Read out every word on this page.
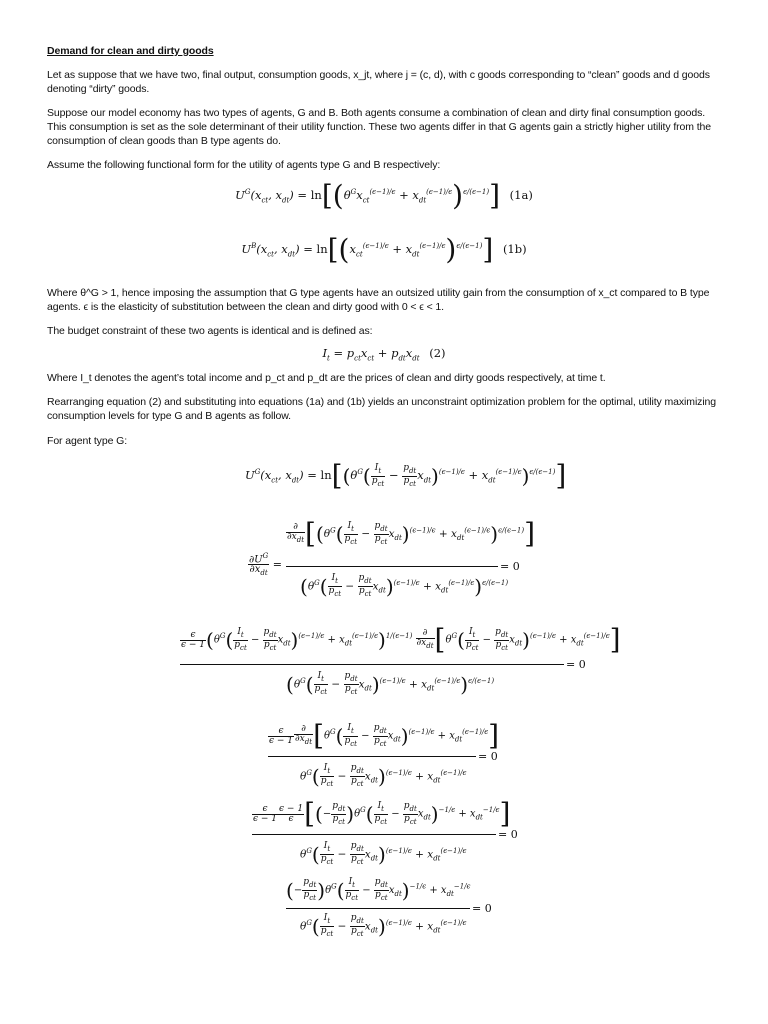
Demand for clean and dirty goods
Let as suppose that we have two, final output, consumption goods, x_jt, where j = (c, d), with c goods corresponding to “clean” goods and d goods denoting “dirty” goods.
Suppose our model economy has two types of agents, G and B. Both agents consume a combination of clean and dirty final consumption goods. This consumption is set as the sole determinant of their utility function. These two agents differ in that G agents gain a strictly higher utility from the consumption of clean goods than B type agents do.
Assume the following functional form for the utility of agents type G and B respectively:
$U^G(x_{ct}$, $x_{dt}) = \ln[(\theta^Gx_{ct}^{(\epsilon-1)/\epsilon} + x_{dt}^{(\epsilon-1)/\epsilon})^{\epsilon/(\epsilon-1)}]$ (1a)
$U^B(x_{ct}$, $x_{dt}) = \ln[(x_{ct}^{(\epsilon-1)/\epsilon} + x_{dt}^{(\epsilon-1)/\epsilon})^{\epsilon/(\epsilon-1)}]$ (1b)
Where θ^G > 1, hence imposing the assumption that G type agents have an outsized utility gain from the consumption of x_ct compared to B type agents. ϵ is the elasticity of substitution between the clean and dirty good with 0 < ϵ < 1.
The budget constraint of these two agents is identical and is defined as:
$I_t = p_{ct}x_{ct} + p_{dt}x_{dt}$ (2)
Where I_t denotes the agent’s total income and p_ct and p_dt are the prices of clean and dirty goods respectively, at time t.
Rearranging equation (2) and substituting into equations (1a) and (1b) yields an unconstraint optimization problem for the optimal, utility maximizing consumption levels for type G and B agents as follow.
For agent type G:
$U^G(x_{ct}$, $x_{dt}) = \ln[(\theta^G( \frac{I_t}{p_{ct}} - \frac{p_{dt}}{p_{ct}} x_{dt})^{(\epsilon-1)/\epsilon} + x_{dt}^{(\epsilon-1)/\epsilon})^{\epsilon/(\epsilon-1)}]$
$\frac{\partial U^G}{\partial x_{dt}}$ =
$\frac{\partial}{\partial x_{dt}} [(\theta^G( \frac{I_t}{p_{ct}} - \frac{p_{dt}}{p_{ct}} x_{dt})^{(\epsilon-1)/\epsilon} + x_{dt}^{(\epsilon-1)/\epsilon})^{\epsilon/(\epsilon-1)}]$
= 0
$(\theta^G( \frac{I_t}{p_{ct}} - \frac{p_{dt}}{p_{ct}} x_{dt})^{(\epsilon-1)/\epsilon} + x_{dt}^{(\epsilon-1)/\epsilon})^{\epsilon/(\epsilon-1)}$
$\frac{\epsilon}{\epsilon - 1} (\theta^G( \frac{I_t}{p_{ct}} - \frac{p_{dt}}{p_{ct}} x_{dt})^{(\epsilon-1)/\epsilon} + x_{dt}^{(\epsilon-1)/\epsilon})^{1/(\epsilon-1)} \frac{\partial}{\partial x_{dt}} [\theta^G( \frac{I_t}{p_{ct}} - \frac{p_{dt}}{p_{ct}} x_{dt})^{(\epsilon-1)/\epsilon} + x_{dt}^{(\epsilon-1)/\epsilon}]$
= 0
$(\theta^G( \frac{I_t}{p_{ct}} - \frac{p_{dt}}{p_{ct}} x_{dt})^{(\epsilon-1)/\epsilon} + x_{dt}^{(\epsilon-1)/\epsilon})^{\epsilon/(\epsilon-1)}$
$\frac{\epsilon}{\epsilon - 1} \frac{\partial}{\partial x_{dt}} [\theta^G( \frac{I_t}{p_{ct}} - \frac{p_{dt}}{p_{ct}} x_{dt})^{(\epsilon-1)/\epsilon} + x_{dt}^{(\epsilon-1)/\epsilon}]$
= 0
$\theta^G( \frac{I_t}{p_{ct}} - \frac{p_{dt}}{p_{ct}} x_{dt})^{(\epsilon-1)/\epsilon} + x_{dt}^{(\epsilon-1)/\epsilon}$
$\frac{\epsilon}{\epsilon - 1} \frac{\epsilon - 1}{\epsilon}$ [(− $\frac{p_{dt}}{p_{ct}} )\theta^G( \frac{I_t}{p_{ct}} - \frac{p_{dt}}{p_{ct}} x_{dt})^{-1/\epsilon} + x_{dt}^{-1/\epsilon}$]
= 0
$\theta^G( \frac{I_t}{p_{ct}} - \frac{p_{dt}}{p_{ct}} x_{dt})^{(\epsilon-1)/\epsilon} + x_{dt}^{(\epsilon-1)/\epsilon}$
(− $\frac{p_{dt}}{p_{ct}} )\theta^G( \frac{I_t}{p_{ct}} - \frac{p_{dt}}{p_{ct}} x_{dt})^{-1/\epsilon} + x_{dt}^{-1/\epsilon}$
= 0
$\theta^G( \frac{I_t}{p_{ct}} - \frac{p_{dt}}{p_{ct}} x_{dt})^{(\epsilon-1)/\epsilon} + x_{dt}^{(\epsilon-1)/\epsilon}$
